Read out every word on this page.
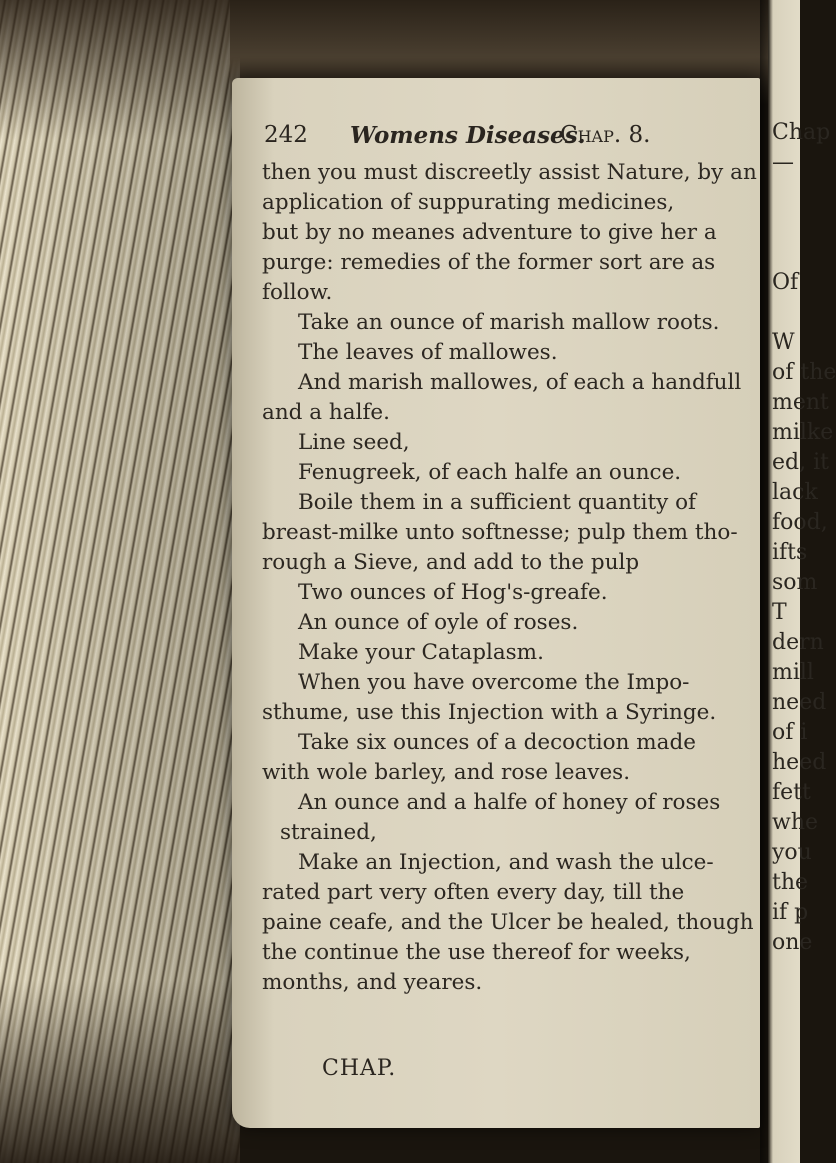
Chap
—
Of
W
of the
ment
milke
ed, it
lack
food,
ifts
som
T
dern
mill
need
of i
heed
fett
whe
you
the
if p
one
242 Womens Diseases.
Chap. 8.
then you must discreetly assist Nature, by an
application of suppurating medicines,
but by no meanes adventure to give her a
purge: remedies of the former sort are as
follow.
Take an ounce of marish mallow roots.
The leaves of mallowes.
And marish mallowes, of each a handfull
and a halfe.
Line seed,
Fenugreek, of each halfe an ounce.
Boile them in a sufficient quantity of
breast-milke unto softnesse; pulp them tho-
rough a Sieve, and add to the pulp
Two ounces of Hog's-greafe.
An ounce of oyle of roses.
Make your Cataplasm.
When you have overcome the Impo-
sthume, use this Injection with a Syringe.
Take six ounces of a decoction made
with wole barley, and rose leaves.
An ounce and a halfe of honey of roses
strained,
Make an Injection, and wash the ulce-
rated part very often every day, till the
paine ceafe, and the Ulcer be healed, though
the continue the use thereof for weeks,
months, and yeares.
CHAP.
